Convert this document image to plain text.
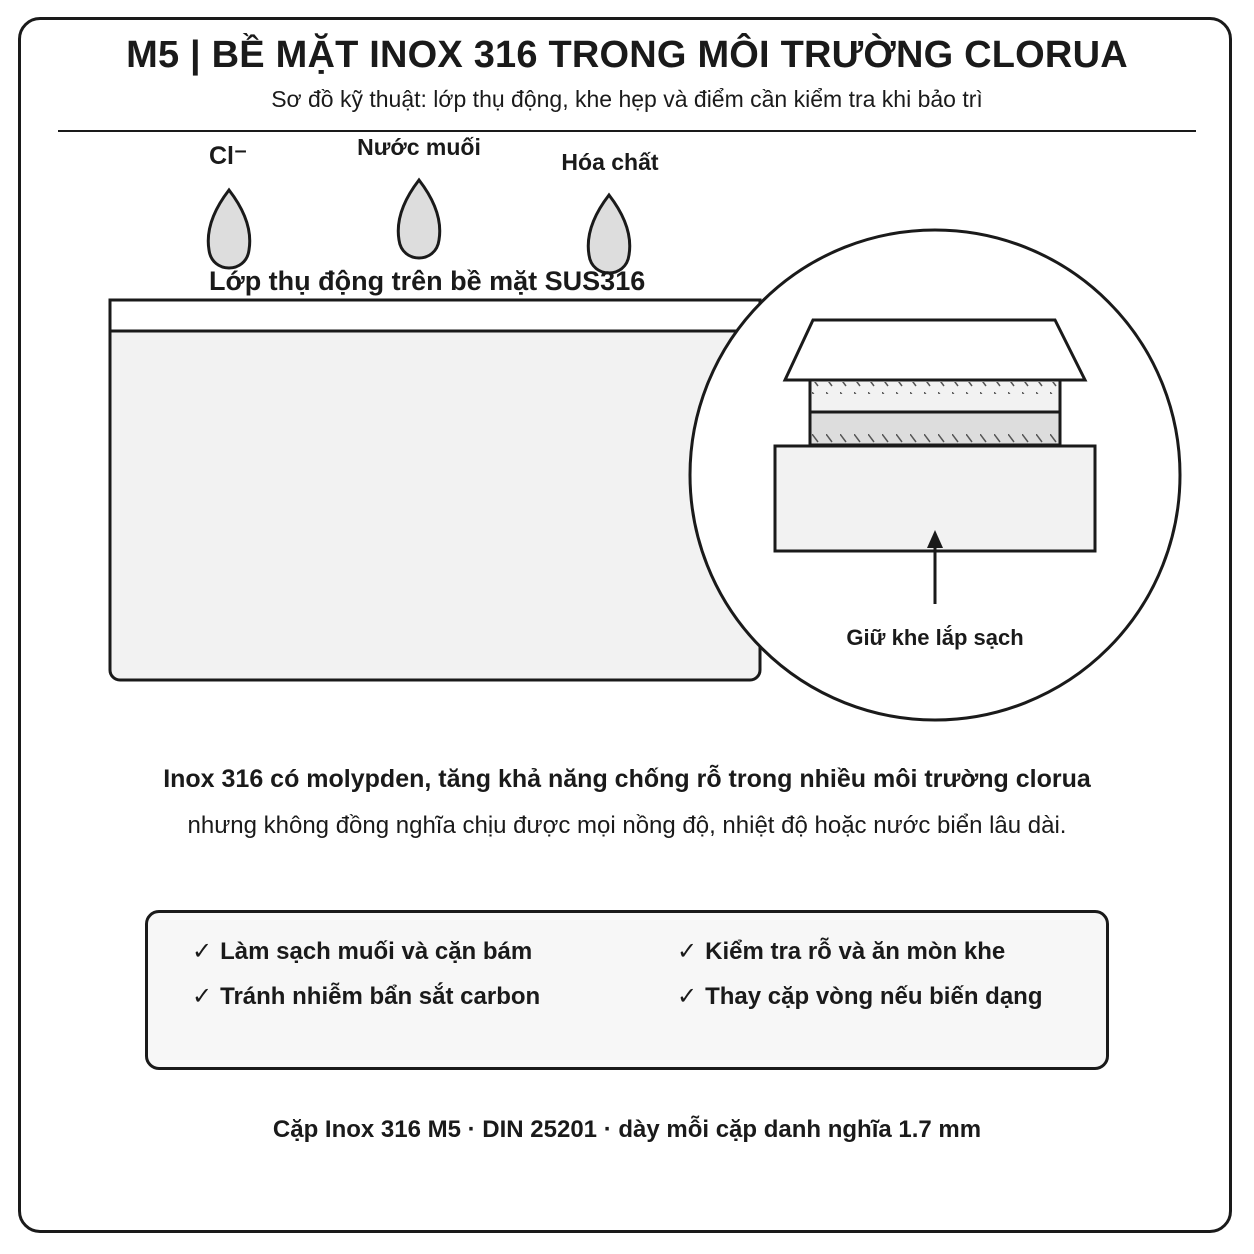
M5 | BỀ MẶT INOX 316 TRONG MÔI TRƯỜNG CLORUA
Sơ đồ kỹ thuật: lớp thụ động, khe hẹp và điểm cần kiểm tra khi bảo trì
Cl⁻	Nước muối
Hóa chất
Lớp thụ động trên bề mặt SUS316
Giữ khe lắp sạch
Inox 316 có molypden, tăng khả năng chống rỗ trong nhiều môi trường clorua
nhưng không đồng nghĩa chịu được mọi nồng độ, nhiệt độ hoặc nước biển lâu dài.
✓ Làm sạch muối và cặn bám	✓ Kiểm tra rỗ và ăn mòn khe
✓ Tránh nhiễm bẩn sắt carbon	✓ Thay cặp vòng nếu biến dạng
Cặp Inox 316 M5 · DIN 25201 · dày mỗi cặp danh nghĩa 1.7 mm
